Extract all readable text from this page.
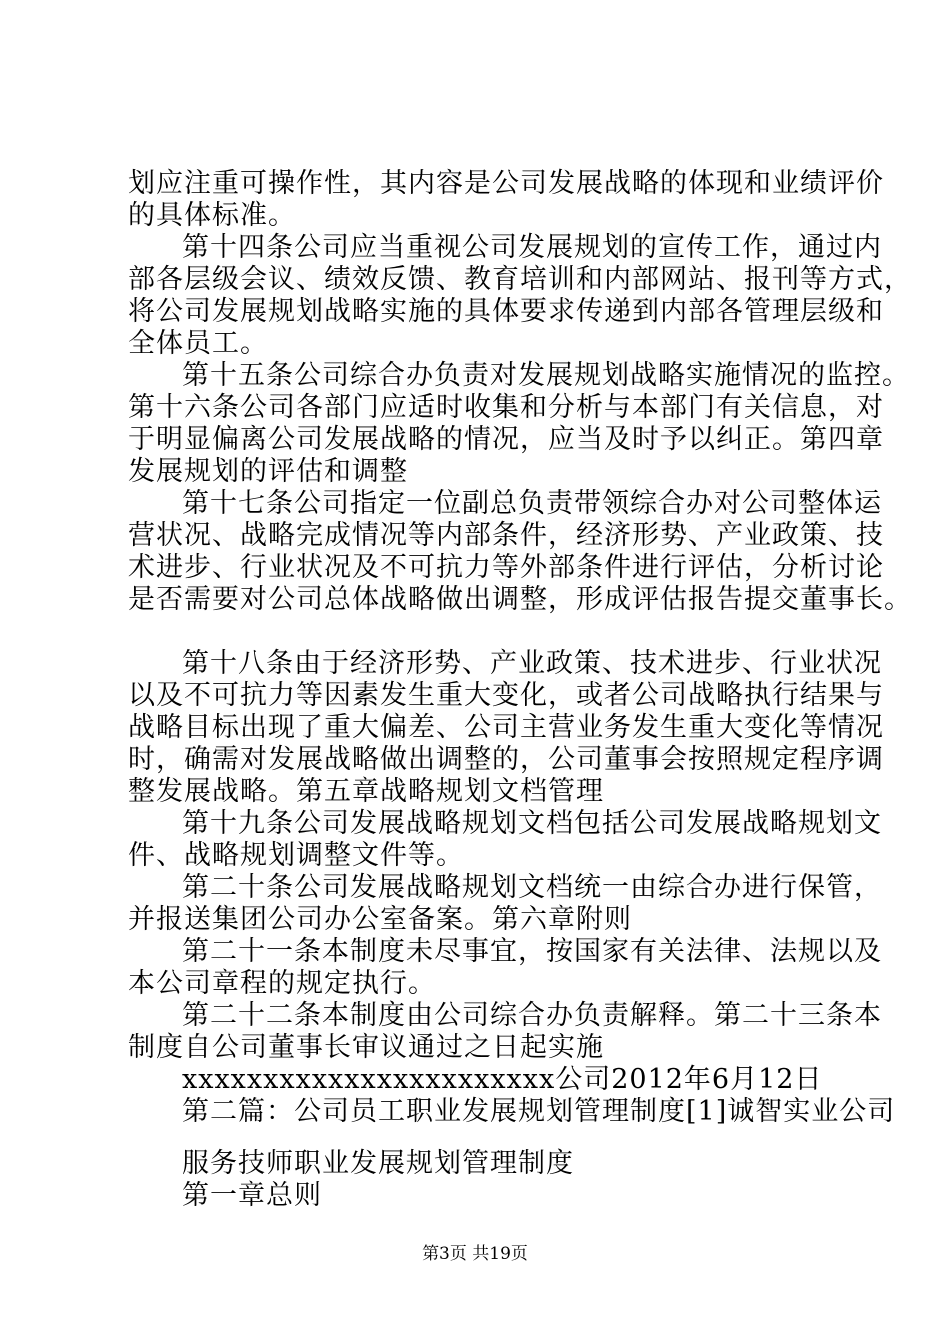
划应注重可操作性，其内容是公司发展战略的体现和业绩评价
的具体标准。
第十四条公司应当重视公司发展规划的宣传工作，通过内
部各层级会议、绩效反馈、教育培训和内部网站、报刊等方式，
将公司发展规划战略实施的具体要求传递到内部各管理层级和
全体员工。
第十五条公司综合办负责对发展规划战略实施情况的监控。
第十六条公司各部门应适时收集和分析与本部门有关信息，对
于明显偏离公司发展战略的情况，应当及时予以纠正。第四章
发展规划的评估和调整
第十七条公司指定一位副总负责带领综合办对公司整体运
营状况、战略完成情况等内部条件，经济形势、产业政策、技
术进步、行业状况及不可抗力等外部条件进行评估，分析讨论
是否需要对公司总体战略做出调整，形成评估报告提交董事长。
第十八条由于经济形势、产业政策、技术进步、行业状况
以及不可抗力等因素发生重大变化，或者公司战略执行结果与
战略目标出现了重大偏差、公司主营业务发生重大变化等情况
时，确需对发展战略做出调整的，公司董事会按照规定程序调
整发展战略。第五章战略规划文档管理
第十九条公司发展战略规划文档包括公司发展战略规划文
件、战略规划调整文件等。
第二十条公司发展战略规划文档统一由综合办进行保管，
并报送集团公司办公室备案。第六章附则
第二十一条本制度未尽事宜，按国家有关法律、法规以及
本公司章程的规定执行。
第二十二条本制度由公司综合办负责解释。第二十三条本
制度自公司董事长审议通过之日起实施
xxxxxxxxxxxxxxxxxxxxxxx公司2012年6月12日
第二篇：公司员工职业发展规划管理制度[1]诚智实业公司
服务技师职业发展规划管理制度
第一章总则
第3页 共19页
